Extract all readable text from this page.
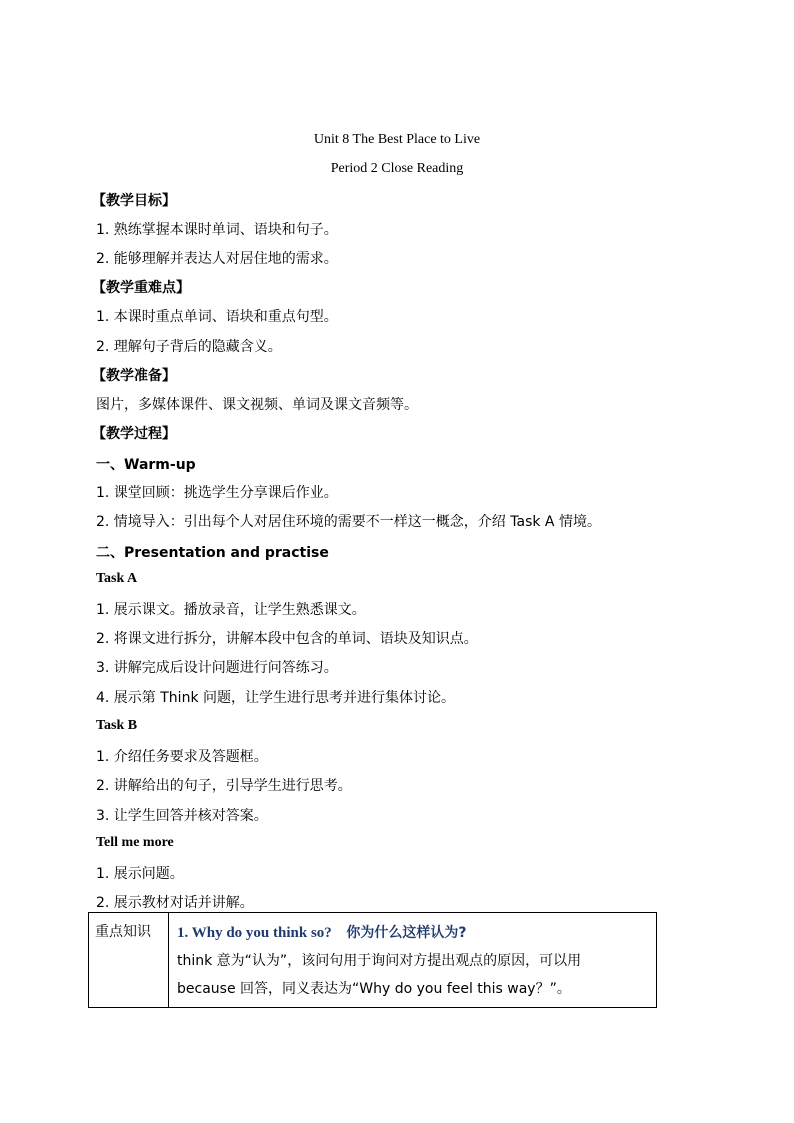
Unit 8 The Best Place to Live
Period 2 Close Reading
【教学目标】
1. 熟练掌握本课时单词、语块和句子。
2. 能够理解并表达人对居住地的需求。
【教学重难点】
1. 本课时重点单词、语块和重点句型。
2. 理解句子背后的隐藏含义。
【教学准备】
图片，多媒体课件、课文视频、单词及课文音频等。
【教学过程】
一、Warm-up
1. 课堂回顾：挑选学生分享课后作业。
2. 情境导入：引出每个人对居住环境的需要不一样这一概念，介绍 Task A 情境。
二、Presentation and practise
Task A
1. 展示课文。播放录音，让学生熟悉课文。
2. 将课文进行拆分，讲解本段中包含的单词、语块及知识点。
3. 讲解完成后设计问题进行问答练习。
4. 展示第 Think 问题，让学生进行思考并进行集体讨论。
Task B
1. 介绍任务要求及答题框。
2. 讲解给出的句子，引导学生进行思考。
3. 让学生回答并核对答案。
Tell me more
1. 展示问题。
2. 展示教材对话并讲解。
重点知识	1. Why do you think so? 你为什么这样认为?
think 意为“认为”，该问句用于询问对方提出观点的原因，可以用
because 回答，同义表达为“Why do you feel this way？”。
